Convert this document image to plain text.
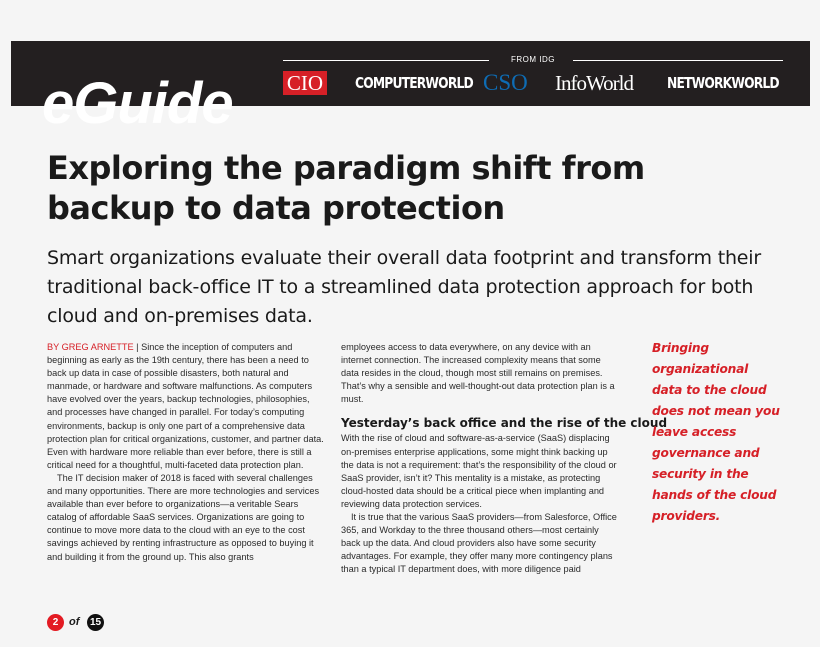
eGuide
FROM IDG
CIO COMPUTERWORLD CSO InfoWorld NETWORKWORLD
Exploring the paradigm shift from
backup to data protection
Smart organizations evaluate their overall data footprint and transform their traditional back-office IT to a streamlined data protection approach for both cloud and on-premises data.

BY GREG ARNETTE | Since the inception of computers and beginning as early as the 19th century, there has been a need to back up data in case of possible disasters, both natural and manmade, or hardware and software malfunctions. As computers have evolved over the years, backup technologies, philosophies, and processes have changed in parallel. For today’s computing environments, backup is only one part of a comprehensive data protection plan for critical organizations, customer, and partner data. Even with hardware more reliable than ever before, there is still a critical need for a thoughtful, multi-faceted data protection plan.

The IT decision maker of 2018 is faced with several challenges and many opportunities. There are more technologies and services available than ever before to organizations—a veritable Sears catalog of affordable SaaS services. Organizations are going to continue to move more data to the cloud with an eye to the cost savings achieved by renting infrastructure as opposed to buying it and building it from the ground up. This also grants

employees access to data everywhere, on any device with an internet connection. The increased complexity means that some data resides in the cloud, though most still remains on premises. That’s why a sensible and well-thought-out data protection plan is a must.

Yesterday’s back office and the rise of the cloud

With the rise of cloud and software-as-a-service (SaaS) displacing on-premises enterprise applications, some might think backing up the data is not a requirement: that’s the responsibility of the cloud or SaaS provider, isn’t it? This mentality is a mistake, as protecting cloud-hosted data should be a critical piece when implanting and reviewing data protection services.

It is true that the various SaaS providers—from Salesforce, Office 365, and Workday to the three thousand others—most certainly back up the data. And cloud providers also have some security advantages. For example, they offer many more contingency plans than a typical IT department does, with more diligence paid

Bringing organizational data to the cloud does not mean you leave access governance and security in the hands of the cloud providers.
2 of 15
